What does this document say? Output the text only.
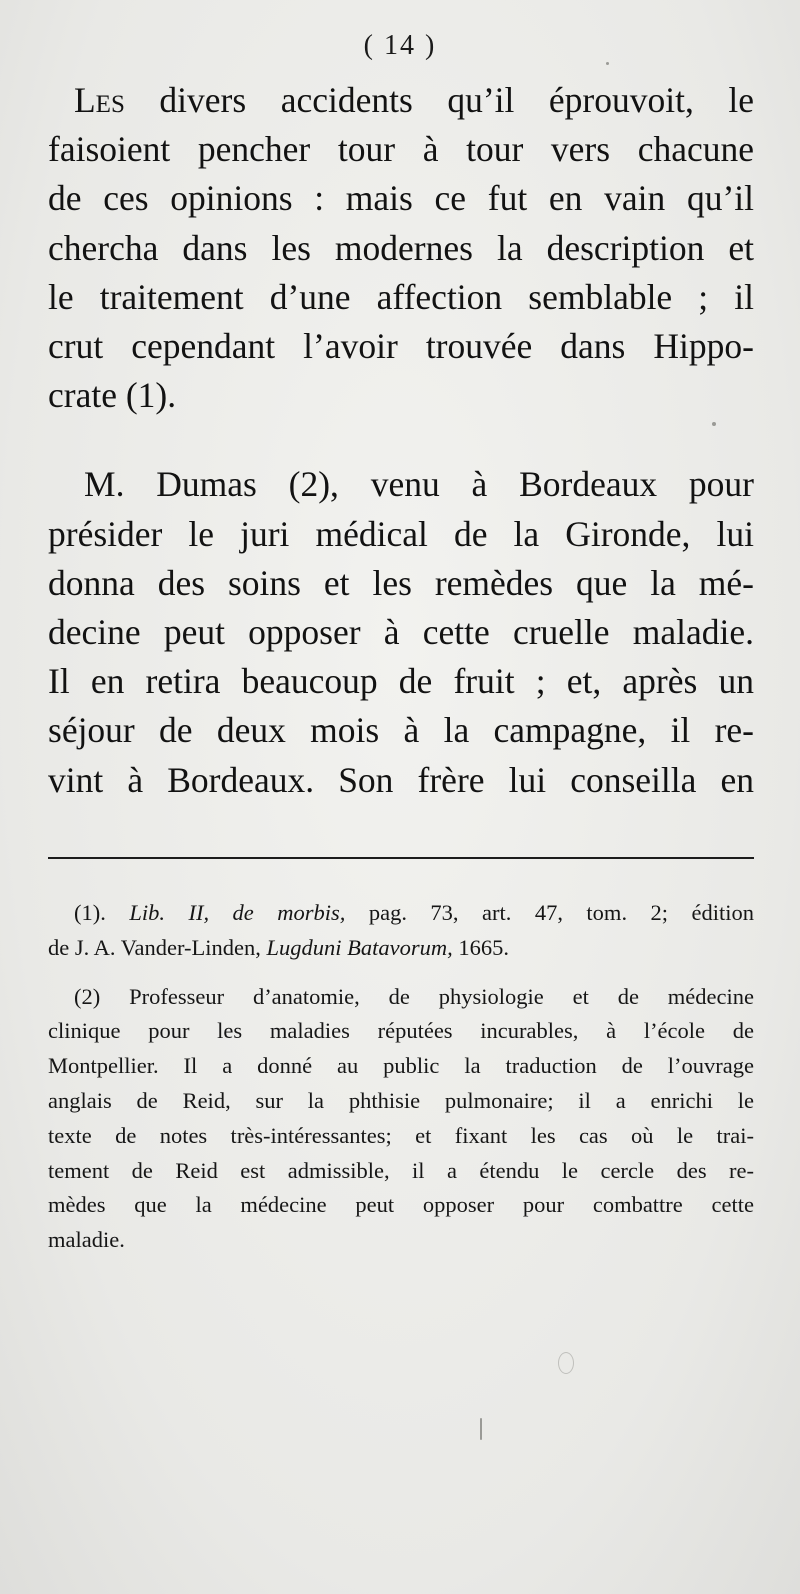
( 14 )
Les divers accidents qu’il éprouvoit, le
faisoient pencher tour à tour vers chacune
de ces opinions : mais ce fut en vain qu’il
chercha dans les modernes la description et
le traitement d’une affection semblable ; il
crut cependant l’avoir trouvée dans Hippo-
crate (1).
M. Dumas (2), venu à Bordeaux pour
présider le juri médical de la Gironde, lui
donna des soins et les remèdes que la mé-
decine peut opposer à cette cruelle maladie.
Il en retira beaucoup de fruit ; et, après un
séjour de deux mois à la campagne, il re-
vint à Bordeaux. Son frère lui conseilla en
(1). Lib. II, de morbis, pag. 73, art. 47, tom. 2; édition
de J. A. Vander-Linden, Lugduni Batavorum, 1665.
(2) Professeur d’anatomie, de physiologie et de médecine
clinique pour les maladies réputées incurables, à l’école de
Montpellier. Il a donné au public la traduction de l’ouvrage
anglais de Reid, sur la phthisie pulmonaire; il a enrichi le
texte de notes très-intéressantes; et fixant les cas où le trai-
tement de Reid est admissible, il a étendu le cercle des re-
mèdes que la médecine peut opposer pour combattre cette
maladie.
